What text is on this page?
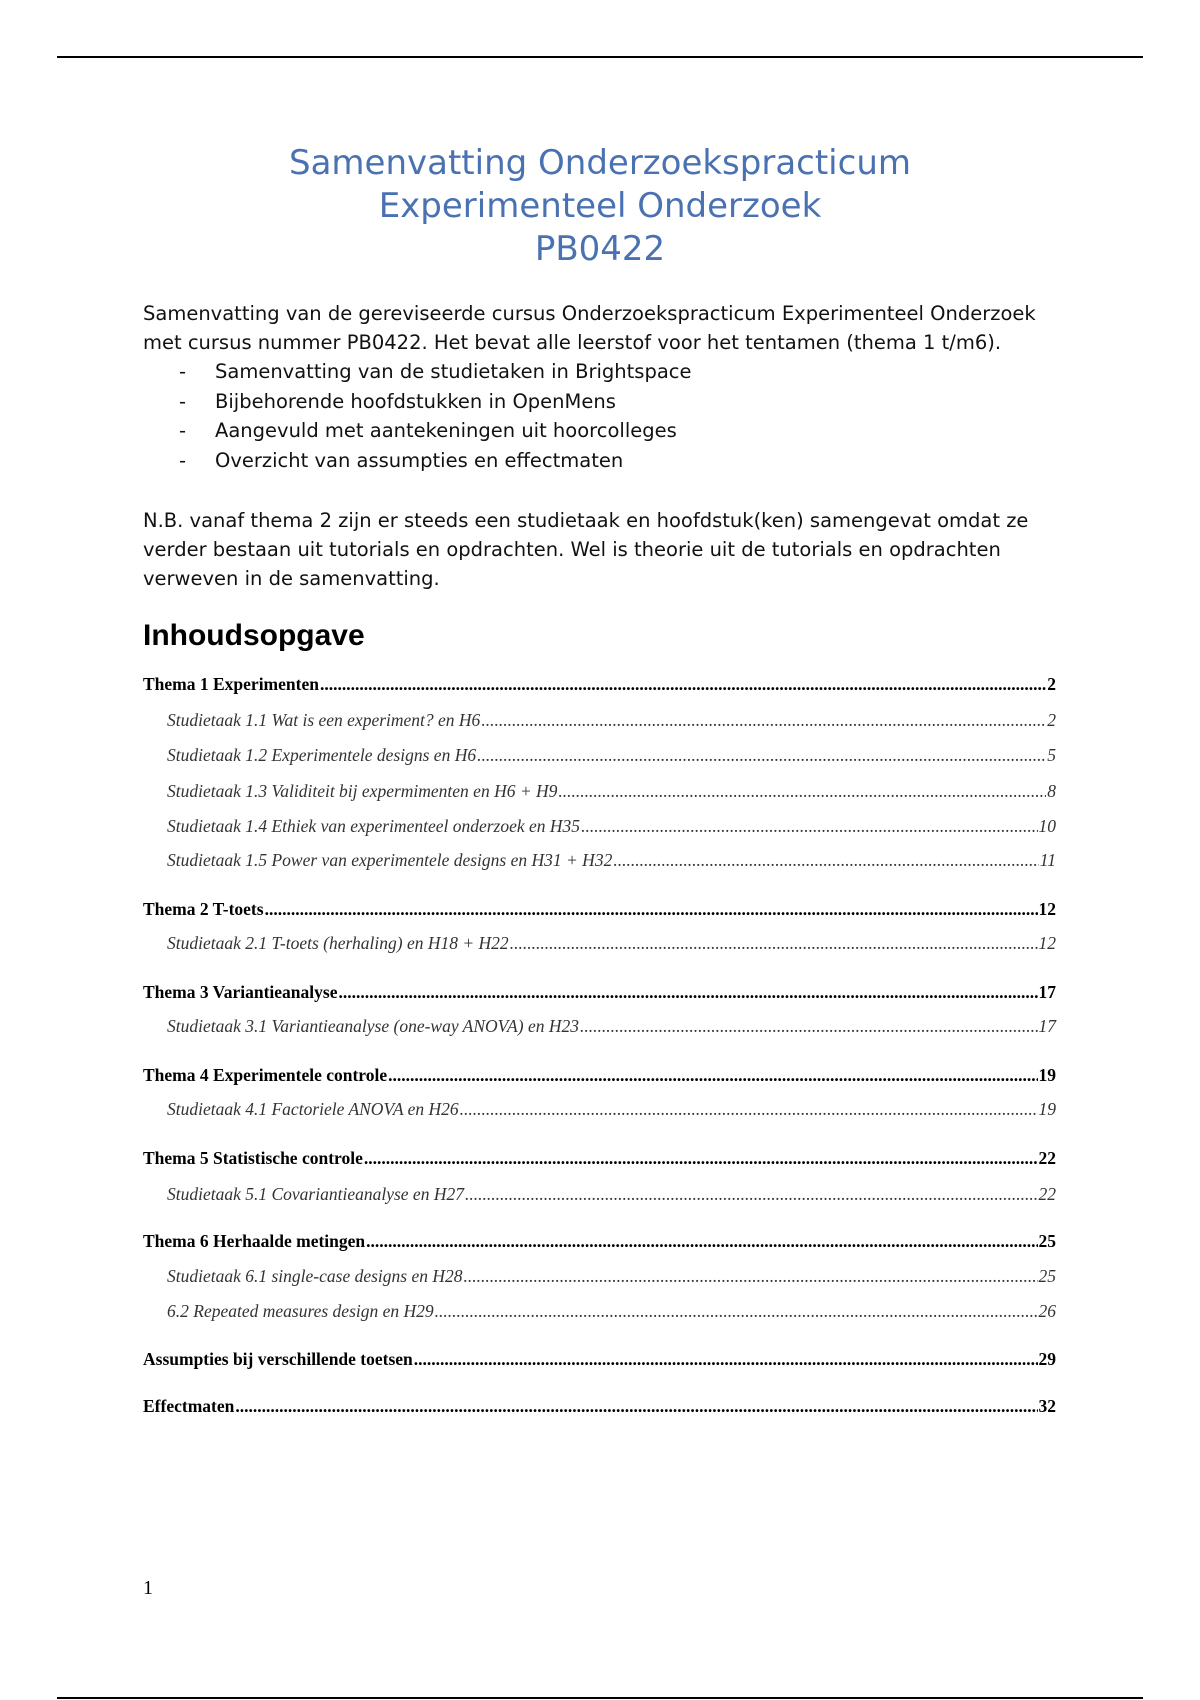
Samenvatting Onderzoekspracticum
Experimenteel Onderzoek
PB0422
Samenvatting van de gereviseerde cursus Onderzoekspracticum Experimenteel Onderzoek met cursus nummer PB0422. Het bevat alle leerstof voor het tentamen (thema 1 t/m6).
- Samenvatting van de studietaken in Brightspace
- Bijbehorende hoofdstukken in OpenMens
- Aangevuld met aantekeningen uit hoorcolleges
- Overzicht van assumpties en effectmaten
N.B. vanaf thema 2 zijn er steeds een studietaak en hoofdstuk(ken) samengevat omdat ze verder bestaan uit tutorials en opdrachten. Wel is theorie uit de tutorials en opdrachten verweven in de samenvatting.
Inhoudsopgave
Thema 1 Experimenten .....	2
Studietaak 1.1 Wat is een experiment? en H6 .....	2
Studietaak 1.2 Experimentele designs en H6 .....	5
Studietaak 1.3 Validiteit bij expermimenten en H6 + H9 .....	8
Studietaak 1.4 Ethiek van experimenteel onderzoek en H35 .....	10
Studietaak 1.5 Power van experimentele designs en H31 + H32 .....	11
Thema 2 T-toets .....	12
Studietaak 2.1 T-toets (herhaling) en H18 + H22 .....	12
Thema 3 Variantieanalyse .....	17
Studietaak 3.1 Variantieanalyse (one-way ANOVA) en H23 .....	17
Thema 4 Experimentele controle .....	19
Studietaak 4.1 Factoriele ANOVA en H26 .....	19
Thema 5 Statistische controle .....	22
Studietaak 5.1 Covariantieanalyse en H27 .....	22
Thema 6 Herhaalde metingen .....	25
Studietaak 6.1 single-case designs en H28 .....	25
6.2 Repeated measures design en H29 .....	26
Assumpties bij verschillende toetsen .....	29
Effectmaten .....	32
1
